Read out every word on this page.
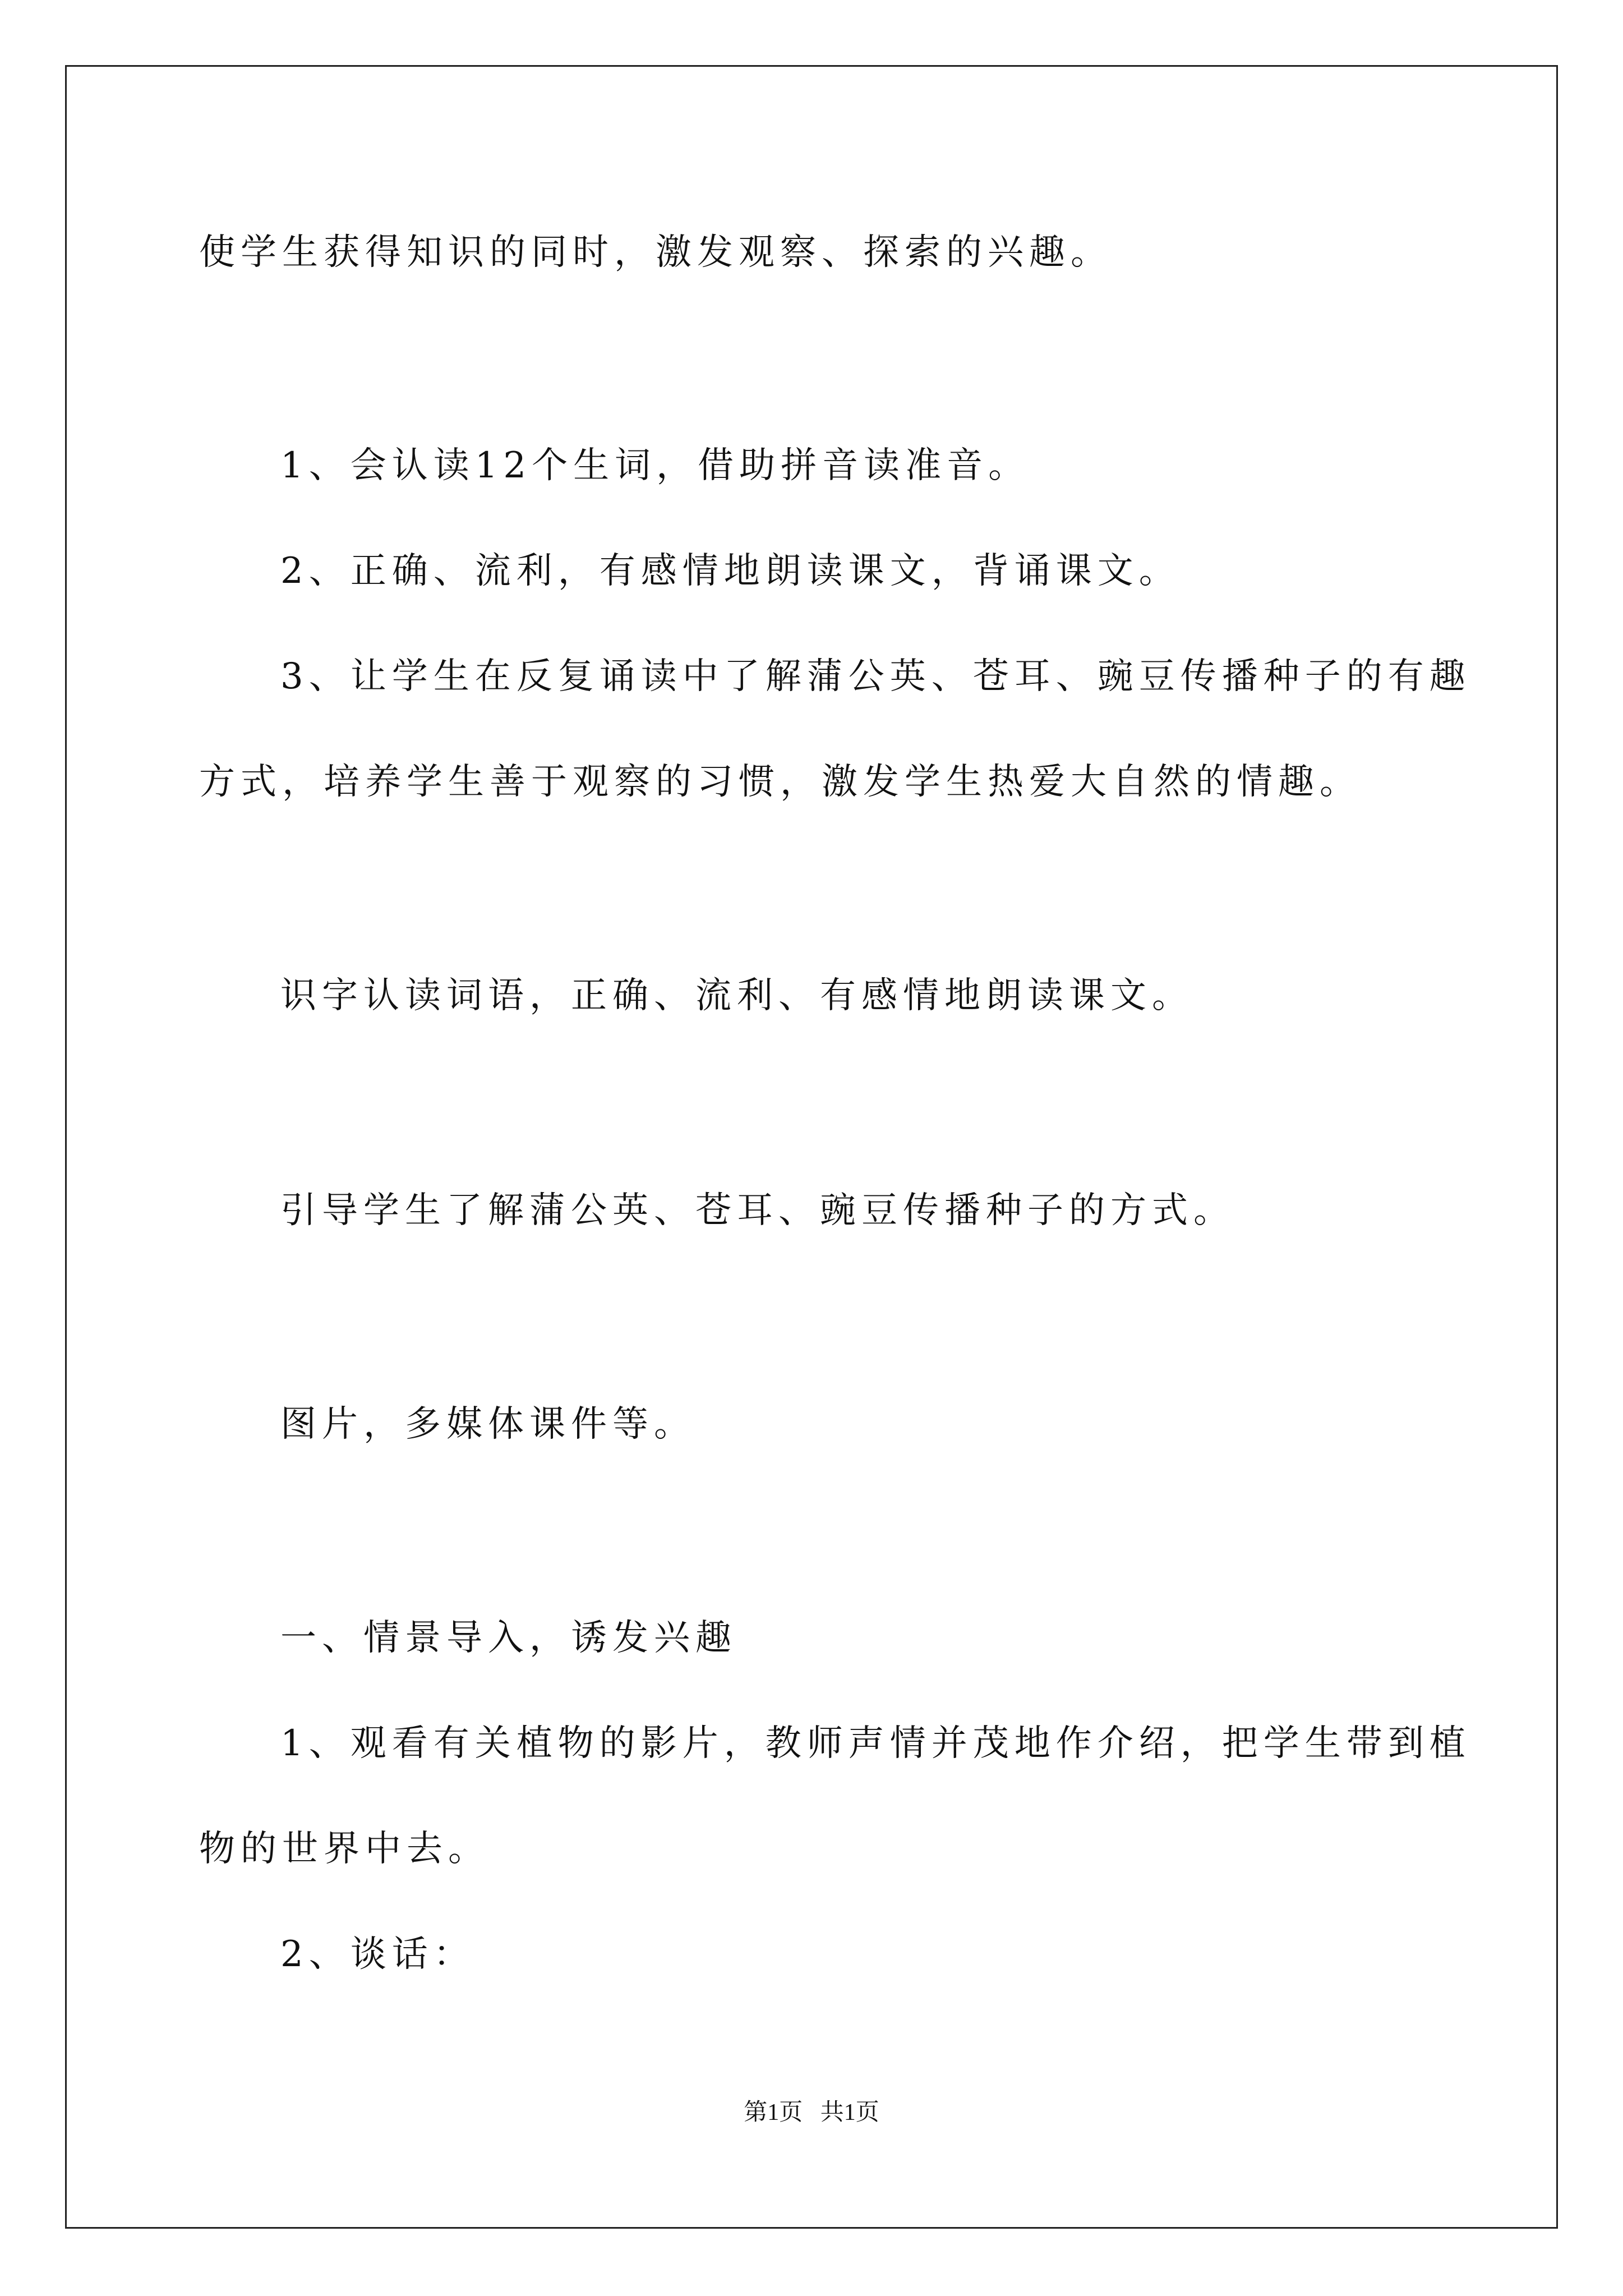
使学生获得知识的同时，激发观察、探索的兴趣。
1、会认读12个生词，借助拼音读准音。
2、正确、流利，有感情地朗读课文，背诵课文。
3、让学生在反复诵读中了解蒲公英、苍耳、豌豆传播种子的有趣
方式，培养学生善于观察的习惯，激发学生热爱大自然的情趣。
识字认读词语，正确、流利、有感情地朗读课文。
引导学生了解蒲公英、苍耳、豌豆传播种子的方式。
图片，多媒体课件等。
一、情景导入，诱发兴趣
1、观看有关植物的影片，教师声情并茂地作介绍，把学生带到植
物的世界中去。
2、谈话：
第1页   共1页
